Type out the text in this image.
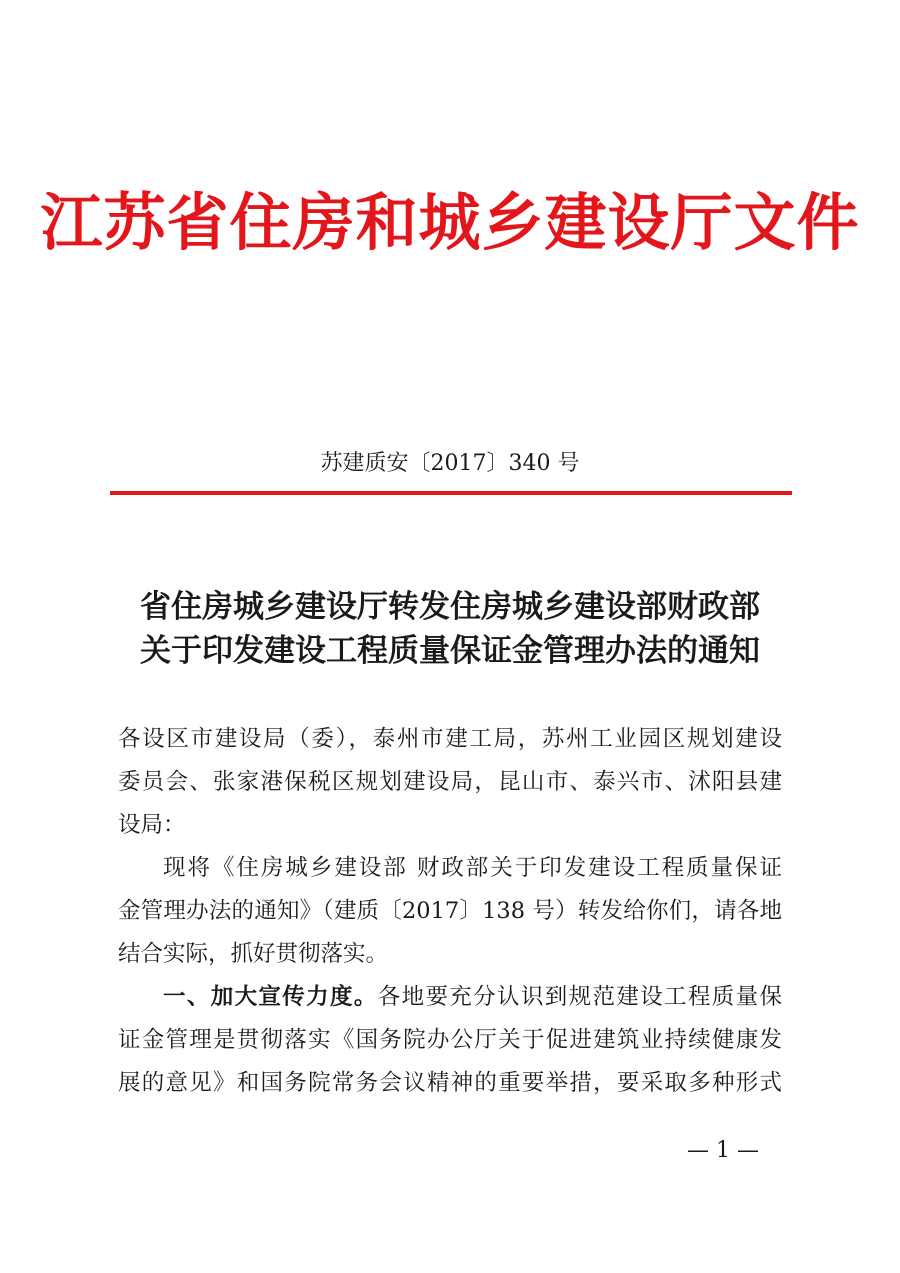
江苏省住房和城乡建设厅文件
苏建质安〔2017〕340 号
省住房城乡建设厅转发住房城乡建设部财政部
关于印发建设工程质量保证金管理办法的通知
各设区市建设局（委），泰州市建工局，苏州工业园区规划建设
委员会、张家港保税区规划建设局，昆山市、泰兴市、沭阳县建
设局：
现将《住房城乡建设部 财政部关于印发建设工程质量保证
金管理办法的通知》（建质〔2017〕138 号）转发给你们，请各地
结合实际，抓好贯彻落实。
一、加大宣传力度。各地要充分认识到规范建设工程质量保
证金管理是贯彻落实《国务院办公厅关于促进建筑业持续健康发
展的意见》和国务院常务会议精神的重要举措，要采取多种形式
— 1 —
